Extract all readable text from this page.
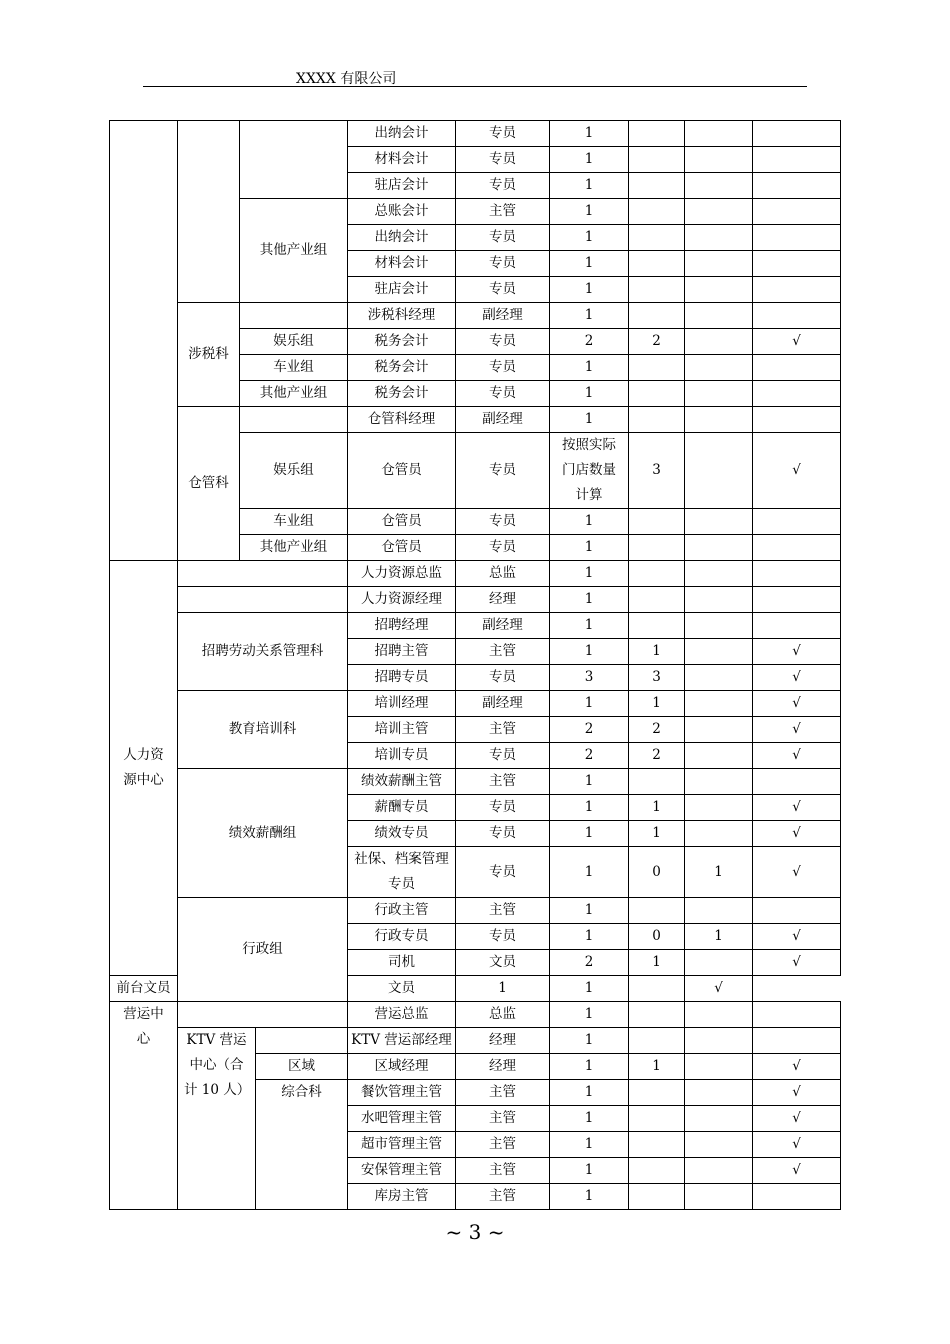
XXXX 有限公司
				出纳会计	专员	1			
				材料会计	专员	1			
				驻店会计	专员	1			
		其他产业组		总账会计	主管	1			
				出纳会计	专员	1			
				材料会计	专员	1			
				驻店会计	专员	1			
	涉税科			涉税科经理	副经理	1			
		娱乐组		税务会计	专员	2	2		√
		车业组		税务会计	专员	1			
		其他产业组		税务会计	专员	1			
	仓管科			仓管科经理	副经理	1			
		娱乐组		仓管员	专员	按照实际门店数量计算	3		√

		车业组		仓管员	专员	1			
		其他产业组		仓管员	专员	1			
人力资源中心				人力资源总监	总监	1			
				人力资源经理	经理	1			
	招聘劳动关系管理科			招聘经理	副经理	1			
				招聘主管	主管	1	1		√
				招聘专员	专员	3	3		√
	教育培训科			培训经理	副经理	1	1		√
				培训主管	主管	2	2		√
				培训专员	专员	2	2		√
	绩效薪酬组			绩效薪酬主管	主管	1			
				薪酬专员	专员	1	1		√
				绩效专员	专员	1	1		√
				社保、档案管理专员	专员	1	0	1	√

	行政组			行政主管	主管	1			
				行政专员	专员	1	0	1	√
				司机	文员	2	1		√
前台文员				文员	1	1		√	
营运中心				营运总监	总监	1			
	KTV 营运中心（合计 10 人）			KTV 营运部经理	经理	1			
			区域	区域经理	经理	1	1		√
			综合科	餐饮管理主管	主管	1			√
				水吧管理主管	主管	1			√
				超市管理主管	主管	1			√
				安保管理主管	主管	1			√
				库房主管	主管	1			
~ 3 ~
